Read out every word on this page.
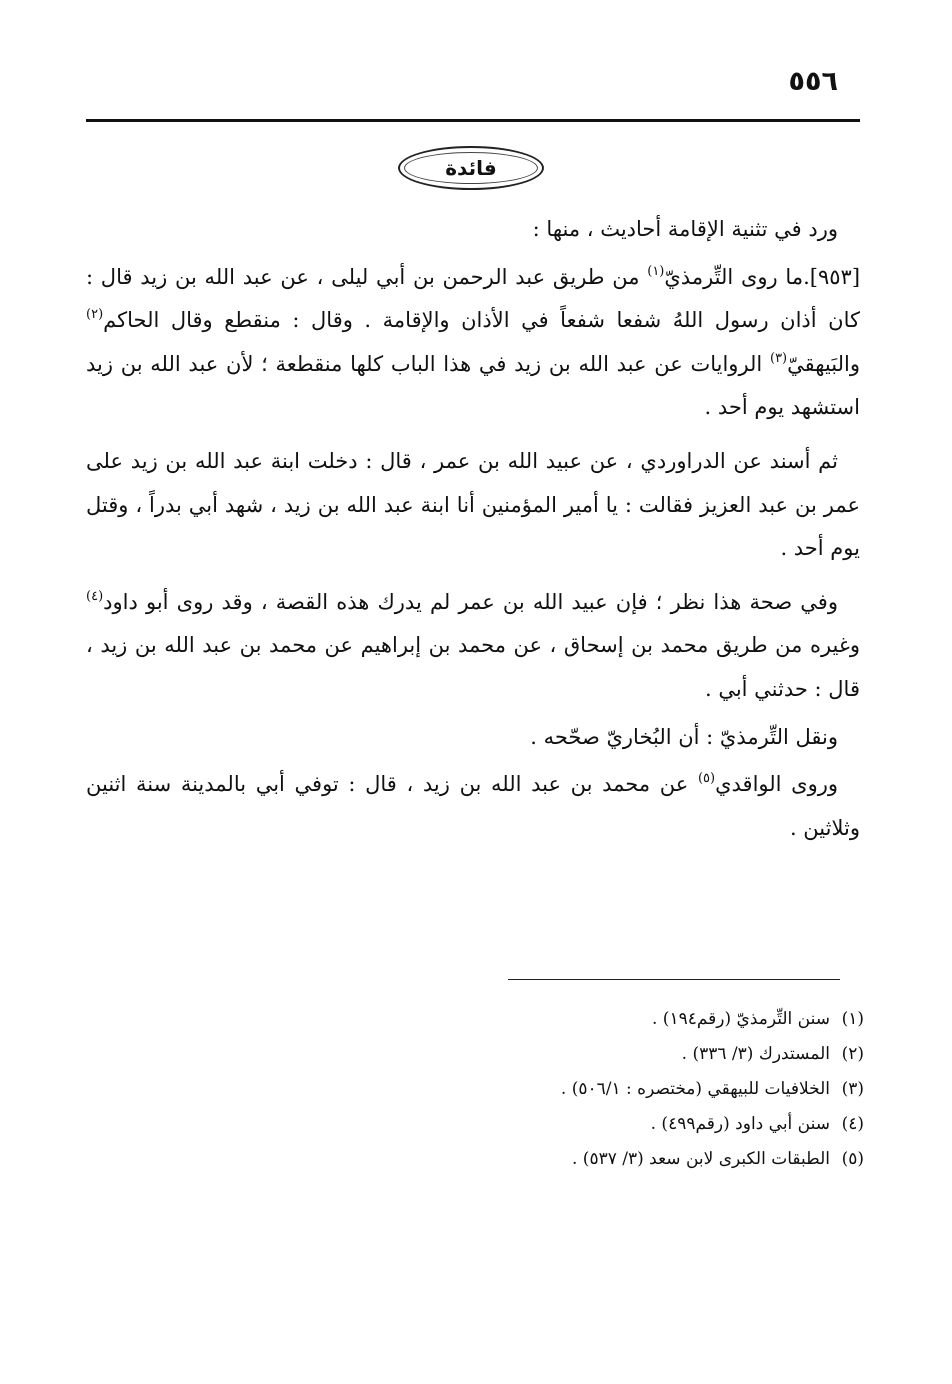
٥٥٦
فائدة

ورد في تثنية الإقامة أحاديث ، منها :

[٩٥٣].ما روى التِّرمذيّ$^{(١)}$ من طريق عبد الرحمن بن أبي ليلى ، عن عبد الله بن زيد قال : كان أذان رسول اللهُ شفعا شفعاً في الأذان والإقامة . وقال : منقطع وقال الحاكم$^{(٢)}$ والبَيهقيّ$^{(٣)}$ الروايات عن عبد الله بن زيد في هذا الباب كلها منقطعة ؛ لأن عبد الله بن زيد استشهد يوم أحد .

ثم أسند عن الدراوردي ، عن عبيد الله بن عمر ، قال : دخلت ابنة عبد الله بن زيد على عمر بن عبد العزيز فقالت : يا أمير المؤمنين أنا ابنة عبد الله بن زيد ، شهد أبي بدراً ، وقتل يوم أحد .

وفي صحة هذا نظر ؛ فإن عبيد الله بن عمر لم يدرك هذه القصة ، وقد روى أبو داود$^{(٤)}$ وغيره من طريق محمد بن إسحاق ، عن محمد بن إبراهيم عن محمد بن عبد الله بن زيد ، قال : حدثني أبي .

ونقل التِّرمذيّ : أن البُخاريّ صحّحه .

وروى الواقدي$^{(٥)}$ عن محمد بن عبد الله بن زيد ، قال : توفي أبي بالمدينة سنة اثنين وثلاثين .

(١)سنن التِّرمذيّ (رقم١٩٤) .
(٢)المستدرك (٣/ ٣٣٦) .
(٣)الخلافيات للبيهقي (مختصره : ٥٠٦/١) .
(٤)سنن أبي داود (رقم٤٩٩) .
(٥)الطبقات الكبرى لابن سعد (٣/ ٥٣٧) .
